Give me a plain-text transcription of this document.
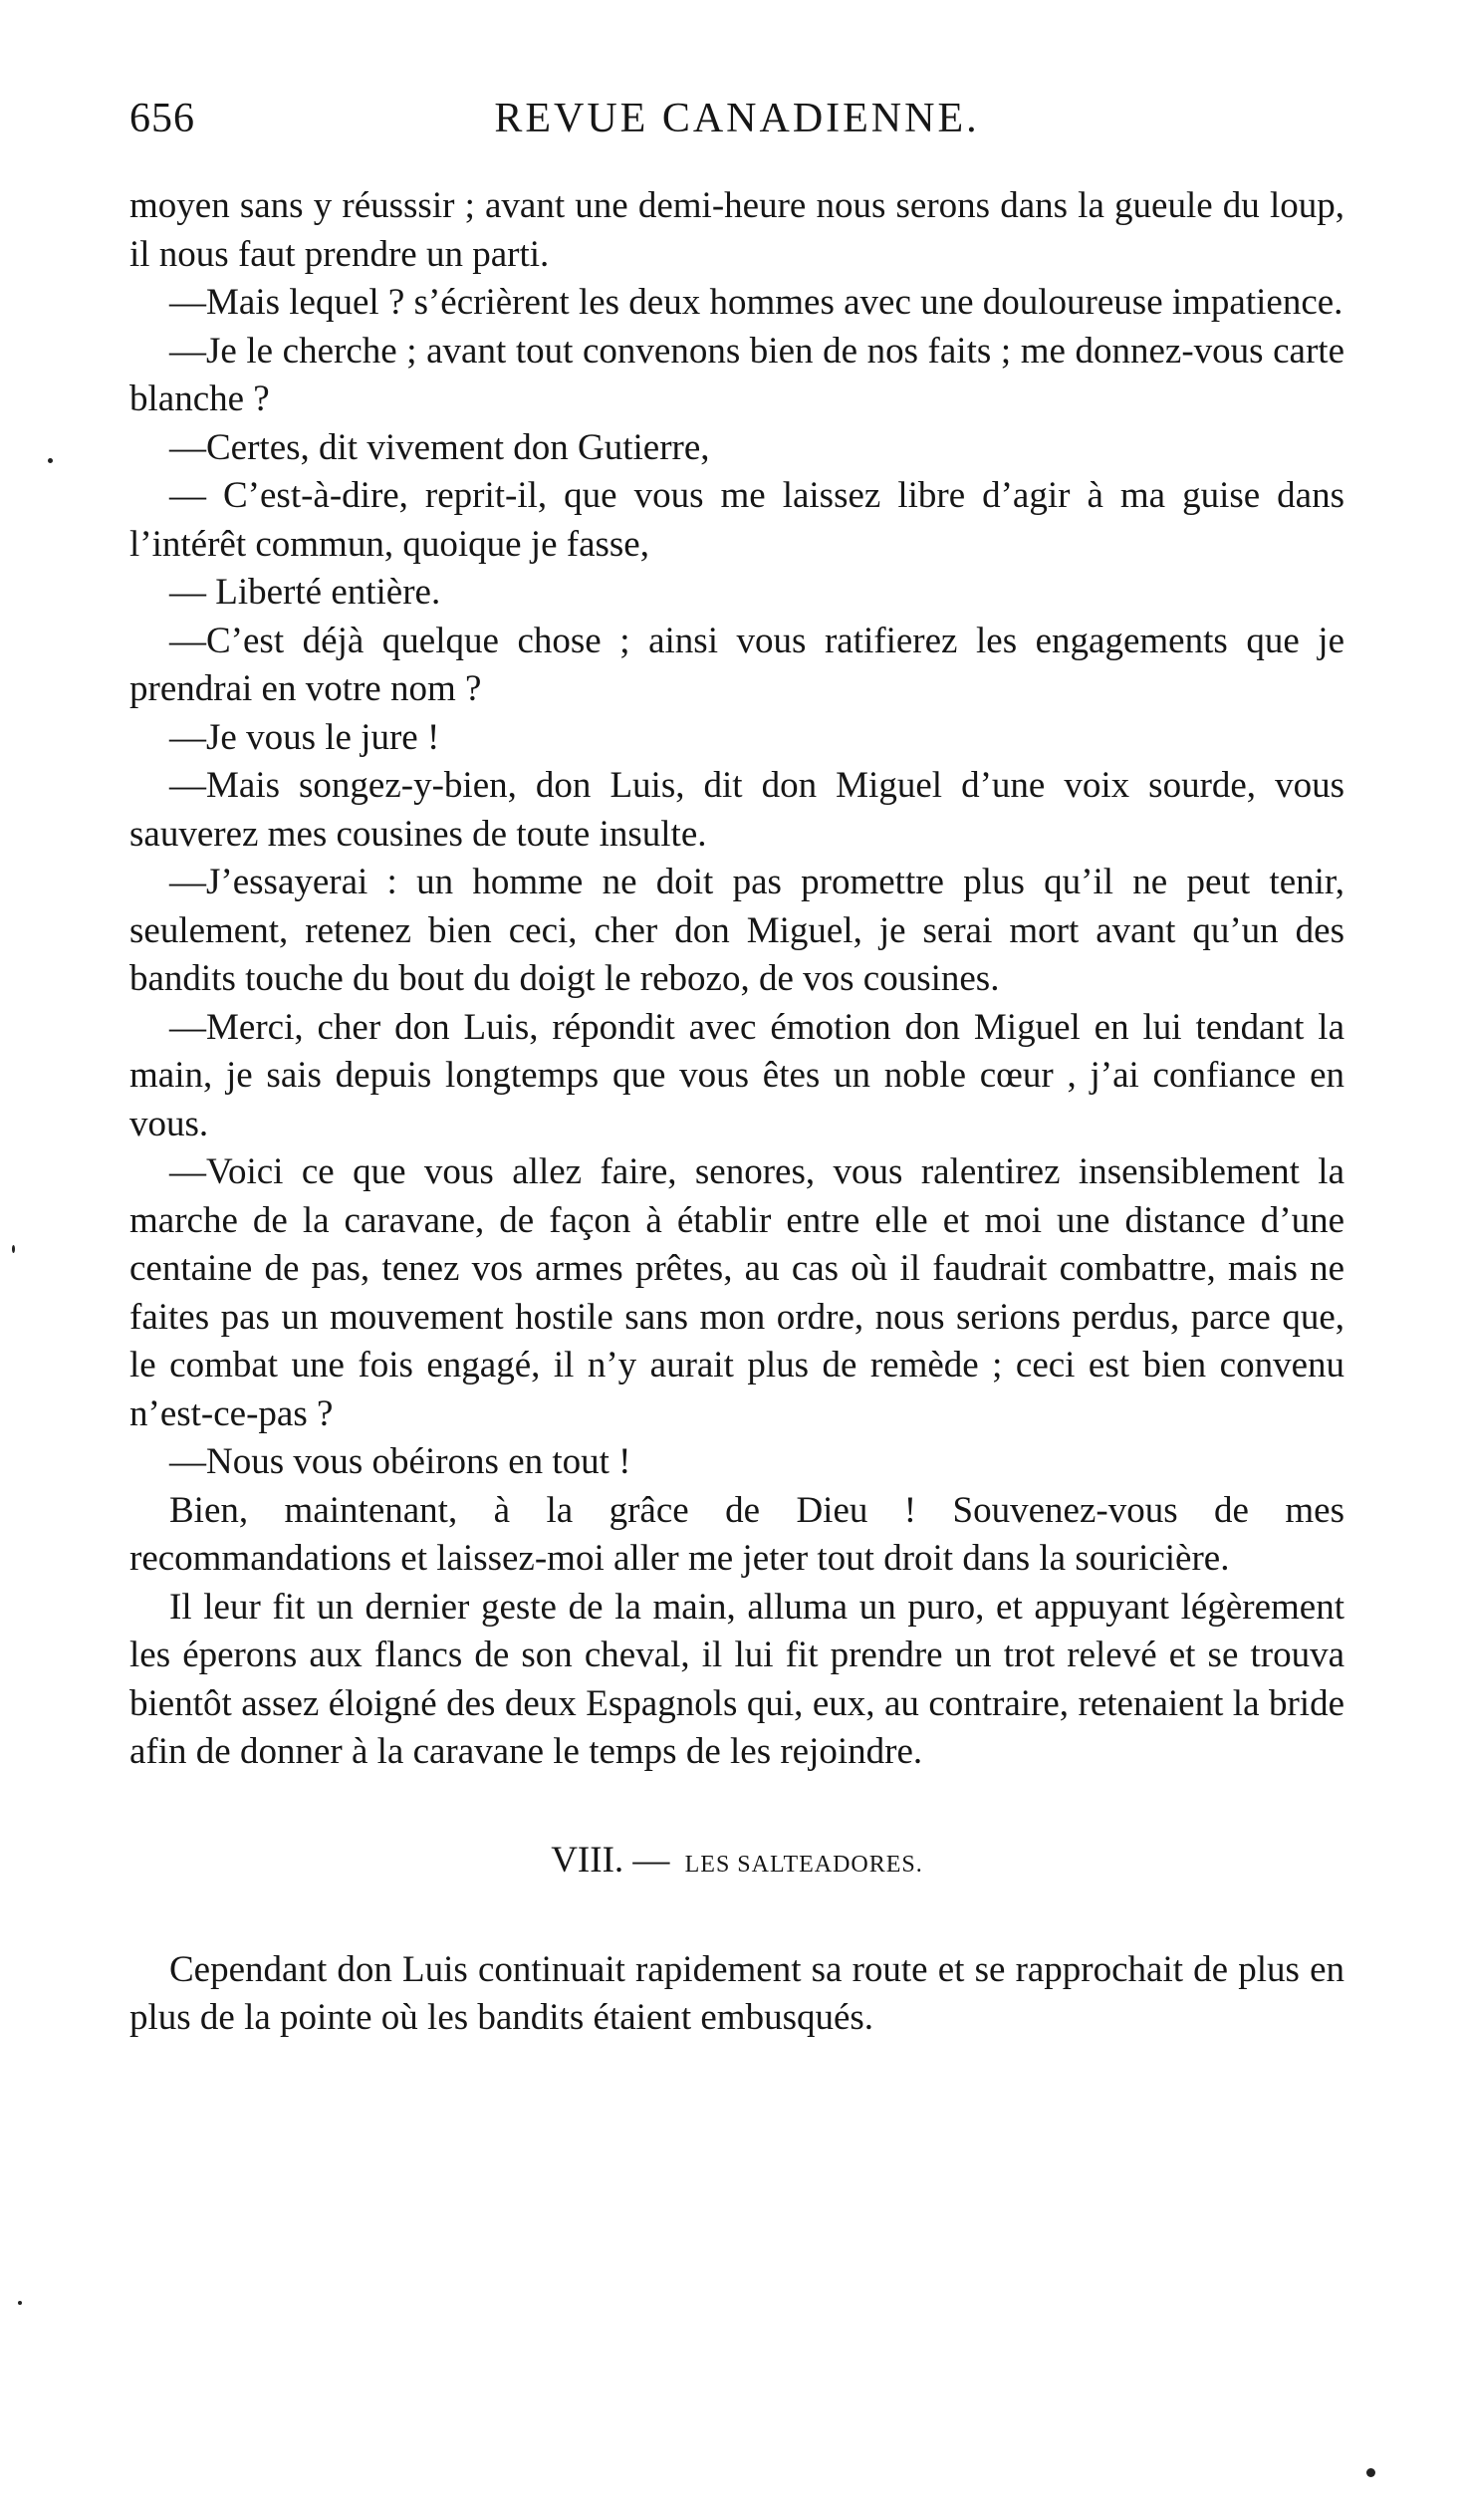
656	REVUE CANADIENNE.

moyen sans y réusssir ; avant une demi-heure nous serons dans la gueule du loup, il nous faut prendre un parti.

—Mais lequel ? s’écrièrent les deux hommes avec une douloureuse impatience.

—Je le cherche ; avant tout convenons bien de nos faits ; me donnez-vous carte blanche ?

—Certes, dit vivement don Gutierre,

— C’est-à-dire, reprit-il, que vous me laissez libre d’agir à ma guise dans l’intérêt commun, quoique je fasse,

— Liberté entière.

—C’est déjà quelque chose ; ainsi vous ratifierez les engagements que je prendrai en votre nom ?

—Je vous le jure !

—Mais songez-y-bien, don Luis, dit don Miguel d’une voix sourde, vous sauverez mes cousines de toute insulte.

—J’essayerai : un homme ne doit pas promettre plus qu’il ne peut tenir, seulement, retenez bien ceci, cher don Miguel, je serai mort avant qu’un des bandits touche du bout du doigt le rebozo, de vos cousines.

—Merci, cher don Luis, répondit avec émotion don Miguel en lui tendant la main, je sais depuis longtemps que vous êtes un noble cœur , j’ai confiance en vous.

—Voici ce que vous allez faire, senores, vous ralentirez insensiblement la marche de la caravane, de façon à établir entre elle et moi une distance d’une centaine de pas, tenez vos armes prêtes, au cas où il faudrait combattre, mais ne faites pas un mouvement hostile sans mon ordre, nous serions perdus, parce que, le combat une fois engagé, il n’y aurait plus de remède ; ceci est bien convenu n’est-ce-pas ?

—Nous vous obéirons en tout !

Bien, maintenant, à la grâce de Dieu ! Souvenez-vous de mes recommandations et laissez-moi aller me jeter tout droit dans la souricière.

Il leur fit un dernier geste de la main, alluma un puro, et appuyant légèrement les éperons aux flancs de son cheval, il lui fit prendre un trot relevé et se trouva bientôt assez éloigné des deux Espagnols qui, eux, au contraire, retenaient la bride afin de donner à la caravane le temps de les rejoindre.

VIII. — LES SALTEADORES.

Cependant don Luis continuait rapidement sa route et se rapprochait de plus en plus de la pointe où les bandits étaient embusqués.
